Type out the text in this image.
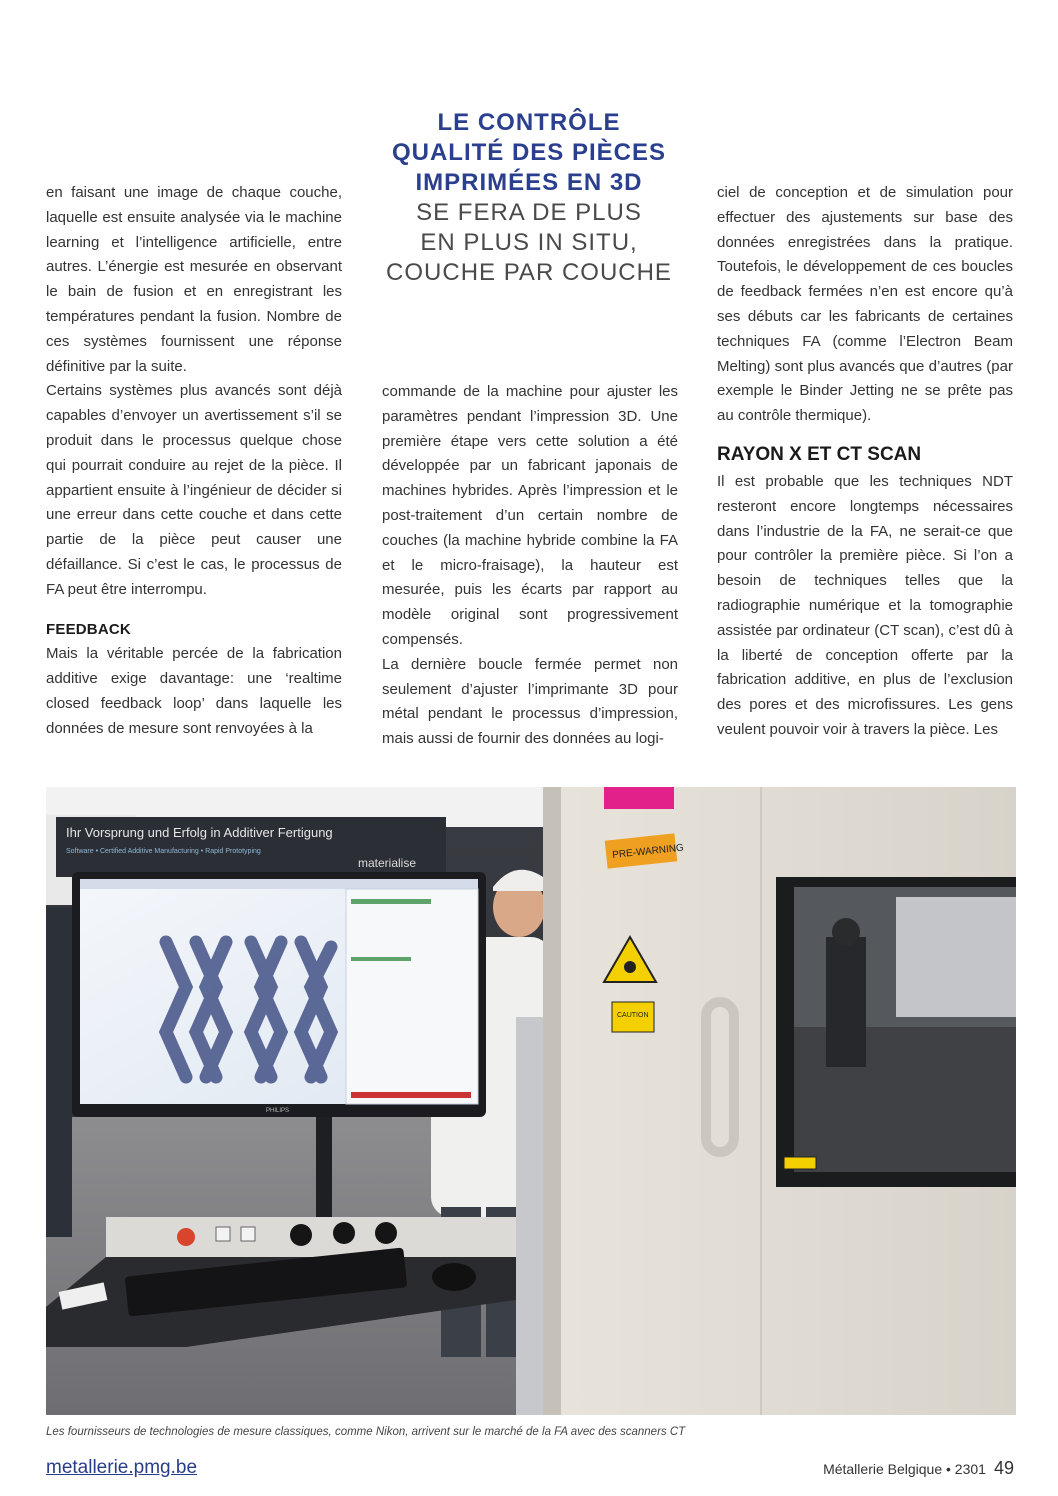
en faisant une image de chaque couche, laquelle est ensuite analysée via le machine learning et l’intelligence artificielle, entre autres. L’énergie est mesurée en observant le bain de fusion et en enregistrant les températures pendant la fusion. Nombre de ces systèmes fournissent une réponse définitive par la suite.

Certains systèmes plus avancés sont déjà capables d’envoyer un avertissement s’il se produit dans le processus quelque chose qui pourrait conduire au rejet de la pièce. Il appartient ensuite à l’ingénieur de décider si une erreur dans cette couche et dans cette partie de la pièce peut causer une défaillance. Si c’est le cas, le processus de FA peut être interrompu.

FEEDBACK

Mais la véritable percée de la fabrication additive exige davantage: une ‘realtime closed feedback loop’ dans laquelle les données de mesure sont renvoyées à la

LE CONTRÔLE
QUALITÉ DES PIÈCES
IMPRIMÉES EN 3D
SE FERA DE PLUS
EN PLUS IN SITU,
COUCHE PAR COUCHE

commande de la machine pour ajuster les paramètres pendant l’impression 3D. Une première étape vers cette solution a été développée par un fabricant japonais de machines hybrides. Après l’impression et le post-traitement d’un certain nombre de couches (la machine hybride combine la FA et le micro-fraisage), la hauteur est mesurée, puis les écarts par rapport au modèle original sont progressivement compensés.

La dernière boucle fermée permet non seulement d’ajuster l’imprimante 3D pour métal pendant le processus d’impression, mais aussi de fournir des données au logi-

ciel de conception et de simulation pour effectuer des ajustements sur base des données enregistrées dans la pratique. Toutefois, le développement de ces boucles de feedback fermées n’en est encore qu’à ses débuts car les fabricants de certaines techniques FA (comme l’Electron Beam Melting) sont plus avancés que d’autres (par exemple le Binder Jetting ne se prête pas au contrôle thermique).

RAYON X ET CT SCAN

Il est probable que les techniques NDT resteront encore longtemps nécessaires dans l’industrie de la FA, ne serait-ce que pour contrôler la première pièce. Si l’on a besoin de techniques telles que la radiographie numérique et la tomographie assistée par ordinateur (CT scan), c’est dû à la liberté de conception offerte par la fabrication additive, en plus de l’exclusion des pores et des microfissures. Les gens veulent pouvoir voir à travers la pièce. Les

Ihr Vorsprung und Erfolg in Additiver Fertigung
Software • Certified Additive Manufacturing • Rapid Prototyping
materialise
PHILIPS
PRE-WARNING
CAUTION
Les fournisseurs de technologies de mesure classiques, comme Nikon, arrivent sur le marché de la FA avec des scanners CT
metallerie.pmg.be	Métallerie Belgique • 2301 49
